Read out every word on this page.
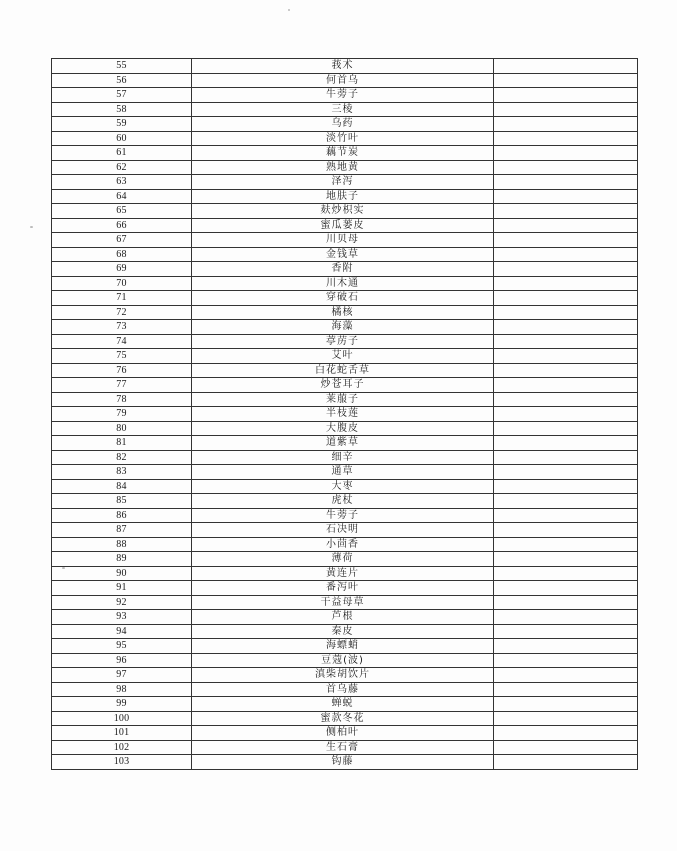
55	莪术	
56	何首乌	
57	牛蒡子	
58	三棱	
59	乌药	
60	淡竹叶	
61	藕节炭	
62	熟地黄	
63	泽泻	
64	地肤子	
65	麸炒枳实	
66	蜜瓜蒌皮	
67	川贝母	
68	金钱草	
69	香附	
70	川木通	
71	穿破石	
72	橘核	
73	海藻	
74	葶苈子	
75	艾叶	
76	白花蛇舌草	
77	炒苍耳子	
78	莱菔子	
79	半枝莲	
80	大腹皮	
81	道紫草	
82	细辛	
83	通草	
84	大枣	
85	虎杖	
86	牛蒡子	
87	石决明	
88	小茴香	
89	薄荷	
90	黄连片	
91	番泻叶	
92	干益母草	
93	芦根	
94	秦皮	
95	海螵蛸	
96	豆蔻(波)	
97	滇柴胡饮片	
98	首乌藤	
99	蝉蜕	
100	蜜款冬花	
101	侧柏叶	
102	生石膏	
103	钩藤	
